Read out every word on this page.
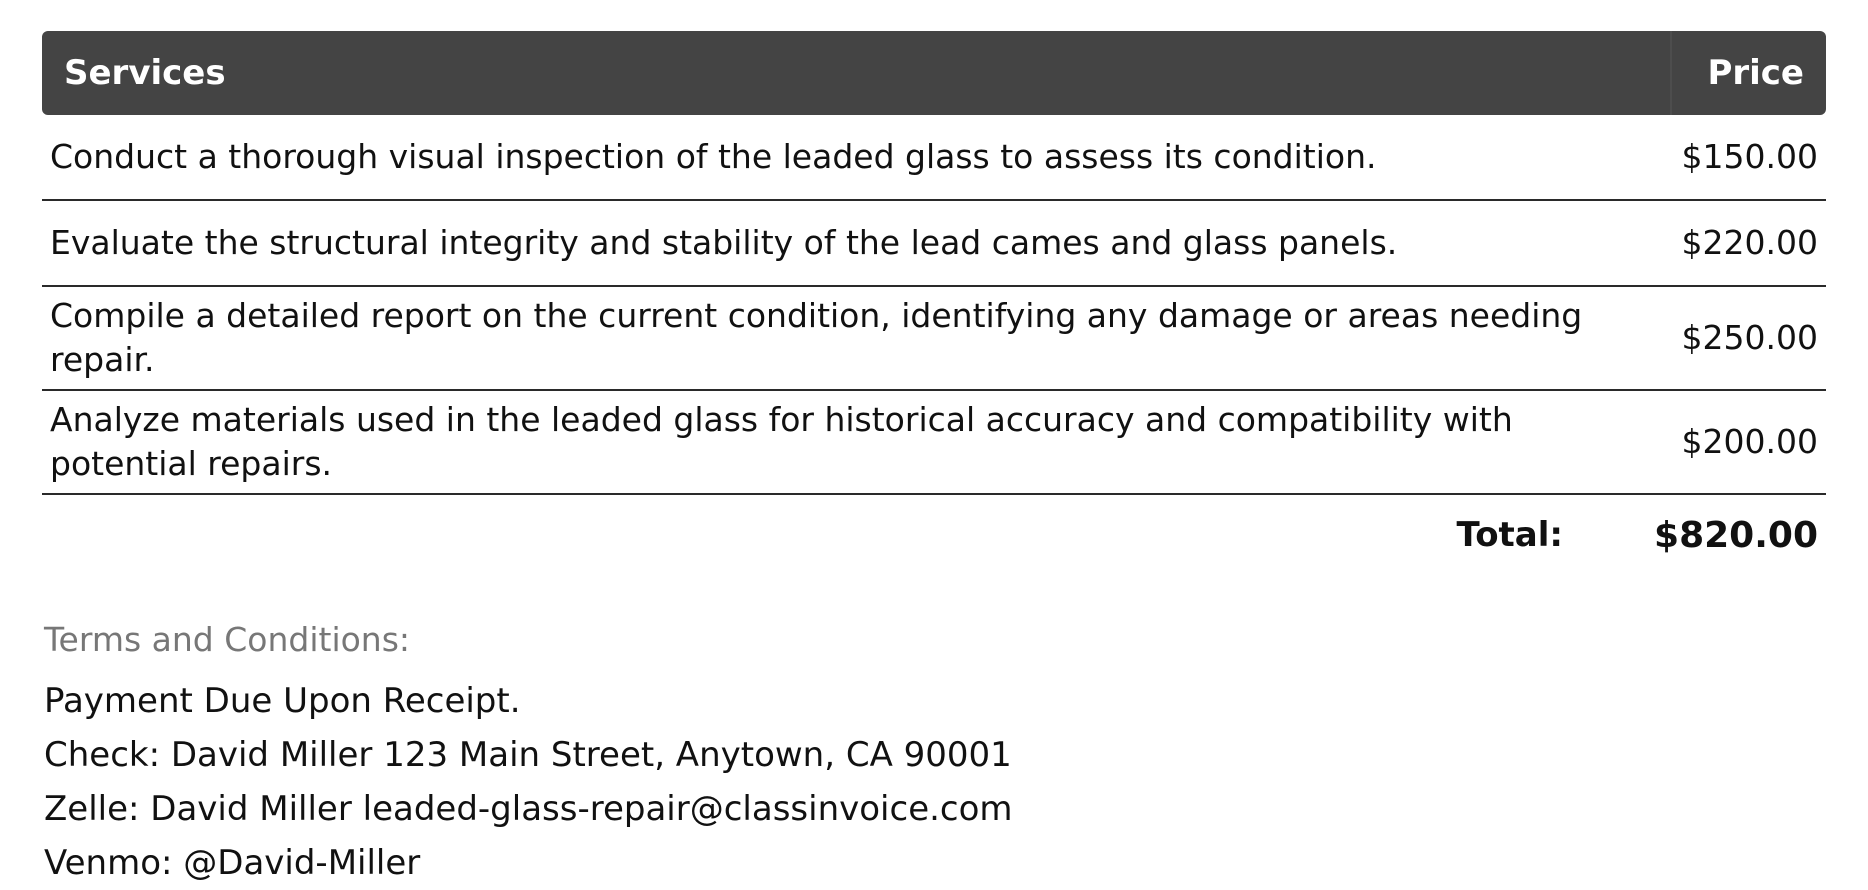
Services	Price
Conduct a thorough visual inspection of the leaded glass to assess its condition.	$150.00
Evaluate the structural integrity and stability of the lead cames and glass panels.	$220.00
Compile a detailed report on the current condition, identifying any damage or areas needing repair.	$250.00
Analyze materials used in the leaded glass for historical accuracy and compatibility with potential repairs.	$200.00
Total:	$820.00
Terms and Conditions:
Payment Due Upon Receipt.
Check: David Miller 123 Main Street, Anytown, CA 90001
Zelle: David Miller leaded-glass-repair@classinvoice.com
Venmo: @David-Miller
